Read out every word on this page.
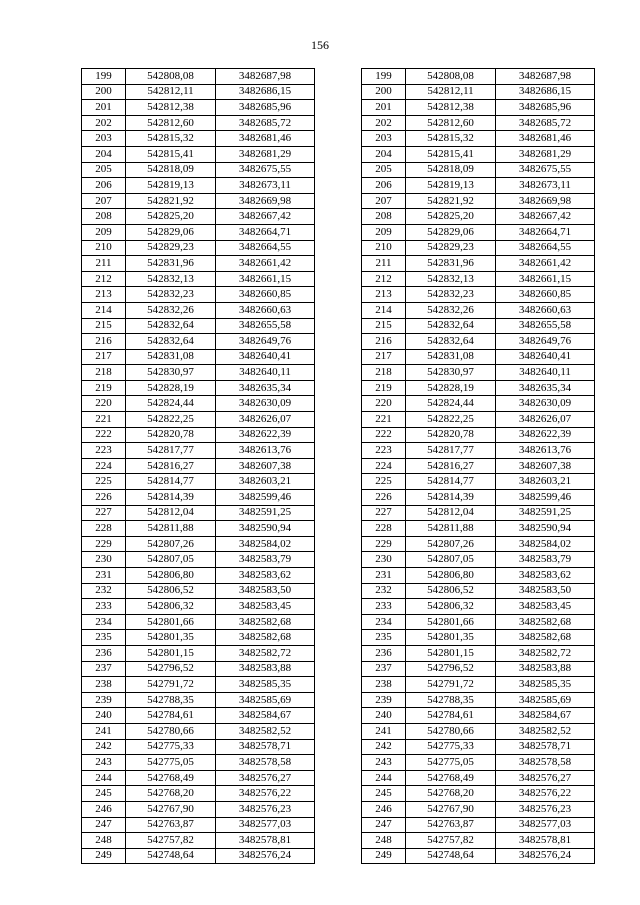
156
199	542808,08	3482687,98		199	542808,08	3482687,98
200	542812,11	3482686,15		200	542812,11	3482686,15
201	542812,38	3482685,96		201	542812,38	3482685,96
202	542812,60	3482685,72		202	542812,60	3482685,72
203	542815,32	3482681,46		203	542815,32	3482681,46
204	542815,41	3482681,29		204	542815,41	3482681,29
205	542818,09	3482675,55		205	542818,09	3482675,55
206	542819,13	3482673,11		206	542819,13	3482673,11
207	542821,92	3482669,98		207	542821,92	3482669,98
208	542825,20	3482667,42		208	542825,20	3482667,42
209	542829,06	3482664,71		209	542829,06	3482664,71
210	542829,23	3482664,55		210	542829,23	3482664,55
211	542831,96	3482661,42		211	542831,96	3482661,42
212	542832,13	3482661,15		212	542832,13	3482661,15
213	542832,23	3482660,85		213	542832,23	3482660,85
214	542832,26	3482660,63		214	542832,26	3482660,63
215	542832,64	3482655,58		215	542832,64	3482655,58
216	542832,64	3482649,76		216	542832,64	3482649,76
217	542831,08	3482640,41		217	542831,08	3482640,41
218	542830,97	3482640,11		218	542830,97	3482640,11
219	542828,19	3482635,34		219	542828,19	3482635,34
220	542824,44	3482630,09		220	542824,44	3482630,09
221	542822,25	3482626,07		221	542822,25	3482626,07
222	542820,78	3482622,39		222	542820,78	3482622,39
223	542817,77	3482613,76		223	542817,77	3482613,76
224	542816,27	3482607,38		224	542816,27	3482607,38
225	542814,77	3482603,21		225	542814,77	3482603,21
226	542814,39	3482599,46		226	542814,39	3482599,46
227	542812,04	3482591,25		227	542812,04	3482591,25
228	542811,88	3482590,94		228	542811,88	3482590,94
229	542807,26	3482584,02		229	542807,26	3482584,02
230	542807,05	3482583,79		230	542807,05	3482583,79
231	542806,80	3482583,62		231	542806,80	3482583,62
232	542806,52	3482583,50		232	542806,52	3482583,50
233	542806,32	3482583,45		233	542806,32	3482583,45
234	542801,66	3482582,68		234	542801,66	3482582,68
235	542801,35	3482582,68		235	542801,35	3482582,68
236	542801,15	3482582,72		236	542801,15	3482582,72
237	542796,52	3482583,88		237	542796,52	3482583,88
238	542791,72	3482585,35		238	542791,72	3482585,35
239	542788,35	3482585,69		239	542788,35	3482585,69
240	542784,61	3482584,67		240	542784,61	3482584,67
241	542780,66	3482582,52		241	542780,66	3482582,52
242	542775,33	3482578,71		242	542775,33	3482578,71
243	542775,05	3482578,58		243	542775,05	3482578,58
244	542768,49	3482576,27		244	542768,49	3482576,27
245	542768,20	3482576,22		245	542768,20	3482576,22
246	542767,90	3482576,23		246	542767,90	3482576,23
247	542763,87	3482577,03		247	542763,87	3482577,03
248	542757,82	3482578,81		248	542757,82	3482578,81
249	542748,64	3482576,24		249	542748,64	3482576,24
